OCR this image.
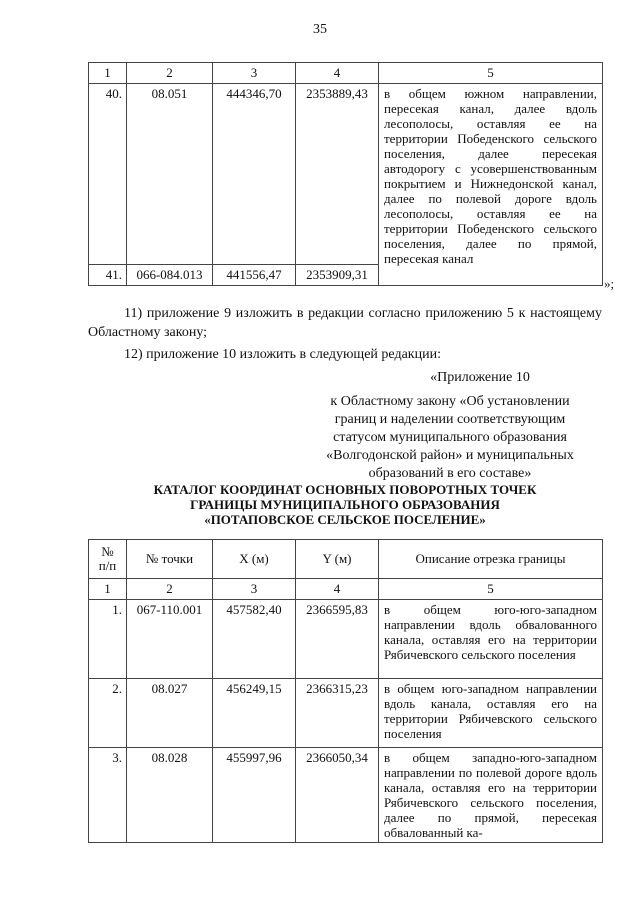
35
1	2	3	4	5
40.	08.051	444346,70	2353889,43	в общем южном направлении, пересекая канал, далее вдоль лесополосы, оставляя ее на территории Победенского сельского поселения, далее пересекая автодорогу с усовершенствованным покрытием и Нижнедонской канал, далее по полевой дороге вдоль лесополосы, оставляя ее на территории Победенского сельского поселения, далее по прямой, пересекая канал
41.	066-084.013	441556,47	2353909,31	
»;
11) приложение 9 изложить в редакции согласно приложению 5 к настоящему Областному закону;
12) приложение 10 изложить в следующей редакции:
«Приложение 10
к Областному закону «Об установлении
границ и наделении соответствующим
статусом муниципального образования
«Волгодонской район» и муниципальных
образований в его составе»
КАТАЛОГ КООРДИНАТ ОСНОВНЫХ ПОВОРОТНЫХ ТОЧЕК
ГРАНИЦЫ МУНИЦИПАЛЬНОГО ОБРАЗОВАНИЯ
«ПОТАПОВСКОЕ СЕЛЬСКОЕ ПОСЕЛЕНИЕ»
№
п/п	№ точки	X (м)	Y (м)	Описание отрезка границы
1	2	3	4	5
1.	067-110.001	457582,40	2366595,83	в общем юго-юго-западном направлении вдоль обвалованного канала, оставляя его на территории Рябичевского сельского поселения
2.	08.027	456249,15	2366315,23	в общем юго-западном направлении вдоль канала, оставляя его на территории Рябичевского сельского поселения
3.	08.028	455997,96	2366050,34	в общем западно-юго-западном направлении по полевой дороге вдоль канала, оставляя его на территории Рябичевского сельского поселения, далее по прямой, пересекая обвалованный ка-
